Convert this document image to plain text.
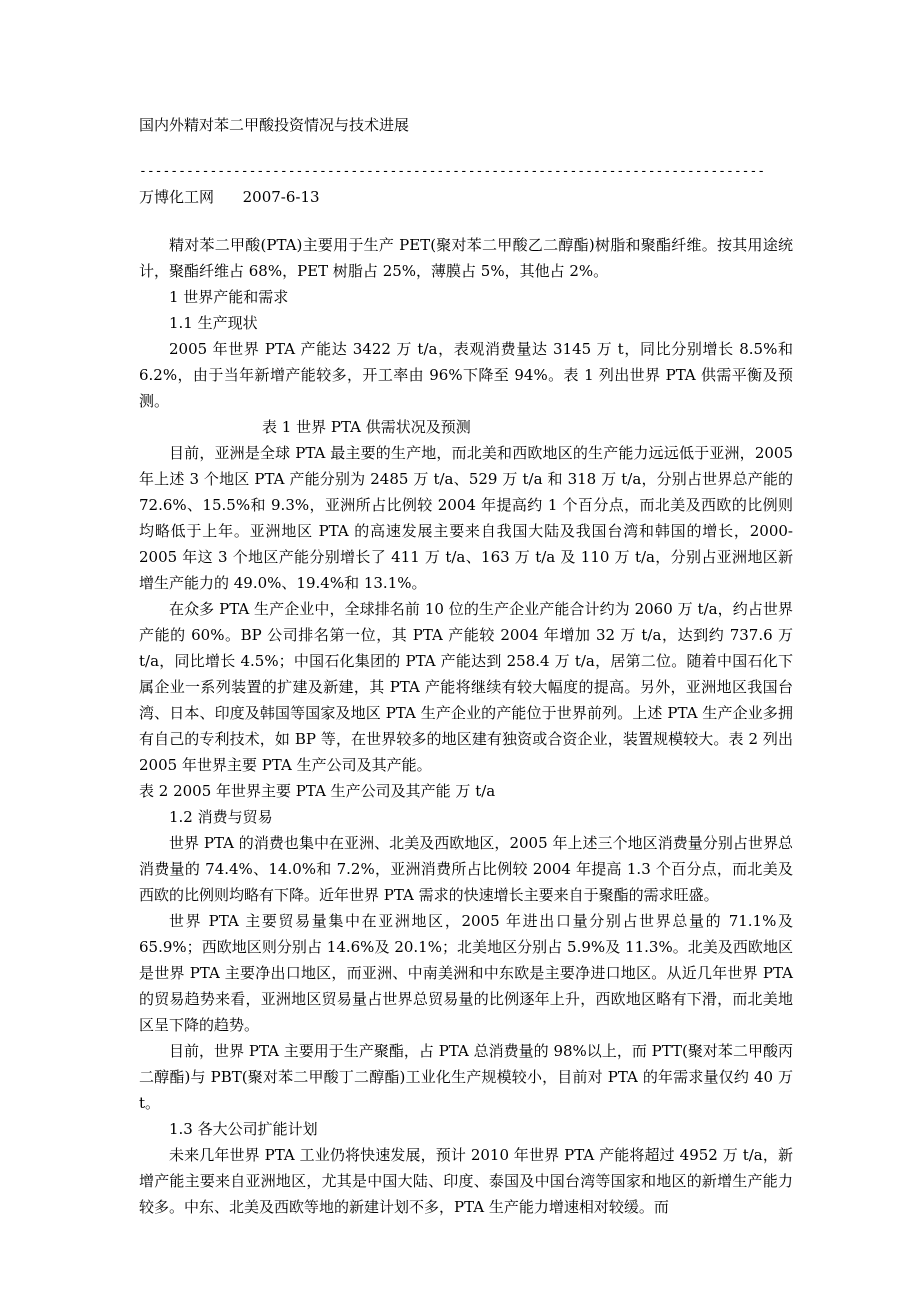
国内外精对苯二甲酸投资情况与技术进展
--------------------------------------------------------------------------------
万博化工网 2007-6-13

精对苯二甲酸(PTA)主要用于生产 PET(聚对苯二甲酸乙二醇酯)树脂和聚酯纤维。按其用途统计，聚酯纤维占 68%，PET 树脂占 25%，薄膜占 5%，其他占 2%。

1 世界产能和需求

1.1 生产现状

2005 年世界 PTA 产能达 3422 万 t/a，表观消费量达 3145 万 t，同比分别增长 8.5%和 6.2%，由于当年新增产能较多，开工率由 96%下降至 94%。表 1 列出世界 PTA 供需平衡及预测。

表 1 世界 PTA 供需状况及预测

目前，亚洲是全球 PTA 最主要的生产地，而北美和西欧地区的生产能力远远低于亚洲，2005 年上述 3 个地区 PTA 产能分别为 2485 万 t/a、529 万 t/a 和 318 万 t/a，分别占世界总产能的 72.6%、15.5%和 9.3%，亚洲所占比例较 2004 年提高约 1 个百分点，而北美及西欧的比例则均略低于上年。亚洲地区 PTA 的高速发展主要来自我国大陆及我国台湾和韩国的增长，2000-2005 年这 3 个地区产能分别增长了 411 万 t/a、163 万 t/a 及 110 万 t/a，分别占亚洲地区新增生产能力的 49.0%、19.4%和 13.1%。

在众多 PTA 生产企业中，全球排名前 10 位的生产企业产能合计约为 2060 万 t/a，约占世界产能的 60%。BP 公司排名第一位，其 PTA 产能较 2004 年增加 32 万 t/a，达到约 737.6 万 t/a，同比增长 4.5%；中国石化集团的 PTA 产能达到 258.4 万 t/a，居第二位。随着中国石化下属企业一系列装置的扩建及新建，其 PTA 产能将继续有较大幅度的提高。另外，亚洲地区我国台湾、日本、印度及韩国等国家及地区 PTA 生产企业的产能位于世界前列。上述 PTA 生产企业多拥有自己的专利技术，如 BP 等，在世界较多的地区建有独资或合资企业，装置规模较大。表 2 列出 2005 年世界主要 PTA 生产公司及其产能。

表 2 2005 年世界主要 PTA 生产公司及其产能 万 t/a

1.2 消费与贸易

世界 PTA 的消费也集中在亚洲、北美及西欧地区，2005 年上述三个地区消费量分别占世界总消费量的 74.4%、14.0%和 7.2%，亚洲消费所占比例较 2004 年提高 1.3 个百分点，而北美及西欧的比例则均略有下降。近年世界 PTA 需求的快速增长主要来自于聚酯的需求旺盛。

世界 PTA 主要贸易量集中在亚洲地区，2005 年进出口量分别占世界总量的 71.1%及 65.9%；西欧地区则分别占 14.6%及 20.1%；北美地区分别占 5.9%及 11.3%。北美及西欧地区是世界 PTA 主要净出口地区，而亚洲、中南美洲和中东欧是主要净进口地区。从近几年世界 PTA 的贸易趋势来看，亚洲地区贸易量占世界总贸易量的比例逐年上升，西欧地区略有下滑，而北美地区呈下降的趋势。

目前，世界 PTA 主要用于生产聚酯，占 PTA 总消费量的 98%以上，而 PTT(聚对苯二甲酸丙二醇酯)与 PBT(聚对苯二甲酸丁二醇酯)工业化生产规模较小，目前对 PTA 的年需求量仅约 40 万 t。

1.3 各大公司扩能计划

未来几年世界 PTA 工业仍将快速发展，预计 2010 年世界 PTA 产能将超过 4952 万 t/a，新增产能主要来自亚洲地区，尤其是中国大陆、印度、泰国及中国台湾等国家和地区的新增生产能力较多。中东、北美及西欧等地的新建计划不多，PTA 生产能力增速相对较缓。而
